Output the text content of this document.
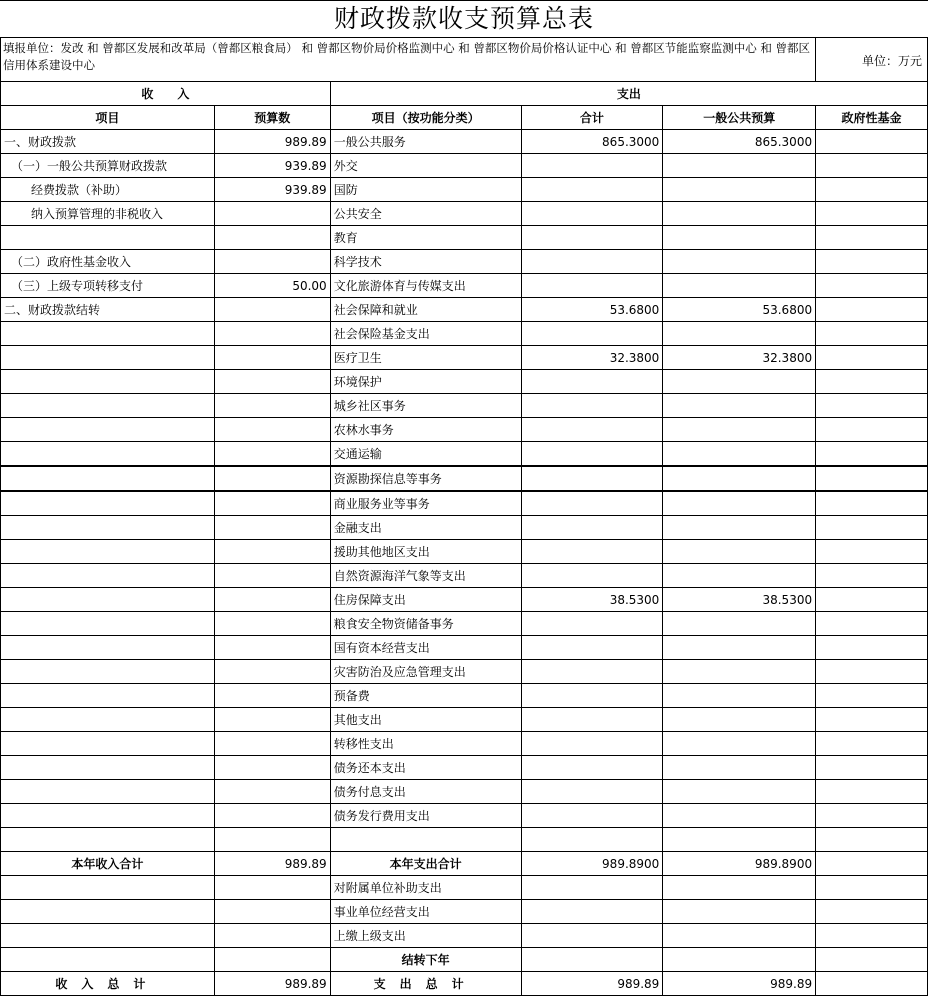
财政拨款收支预算总表
填报单位：发改 和 曾都区发展和改革局（曾都区粮食局） 和 曾都区物价局价格监测中心 和 曾都区物价局价格认证中心 和 曾都区节能监察监测中心 和 曾都区信用体系建设中心	单位：万元
收　　入		支出			
项目	预算数	项目（按功能分类）	合计	一般公共预算	政府性基金
一、财政拨款	989.89	一般公共服务	865.3000	865.3000	
（一）一般公共预算财政拨款	939.89	外交			
经费拨款（补助）	939.89	国防			
纳入预算管理的非税收入		公共安全			
		教育			
（二）政府性基金收入		科学技术			
（三）上级专项转移支付	50.00	文化旅游体育与传媒支出			
二、财政拨款结转		社会保障和就业	53.6800	53.6800	
		社会保险基金支出			
		医疗卫生	32.3800	32.3800	
		环境保护			
		城乡社区事务			
		农林水事务			
		交通运输			
		资源勘探信息等事务			
		商业服务业等事务			
		金融支出			
		援助其他地区支出			
		自然资源海洋气象等支出			
		住房保障支出	38.5300	38.5300	
		粮食安全物资储备事务			
		国有资本经营支出			
		灾害防治及应急管理支出			
		预备费			
		其他支出			
		转移性支出			
		债务还本支出			
		债务付息支出			
		债务发行费用支出			

本年收入合计	989.89	本年支出合计	989.8900	989.8900	
		对附属单位补助支出			
		事业单位经营支出			
		上缴上级支出			
		结转下年			
收入总计	989.89	支出总计	989.89	989.89	
